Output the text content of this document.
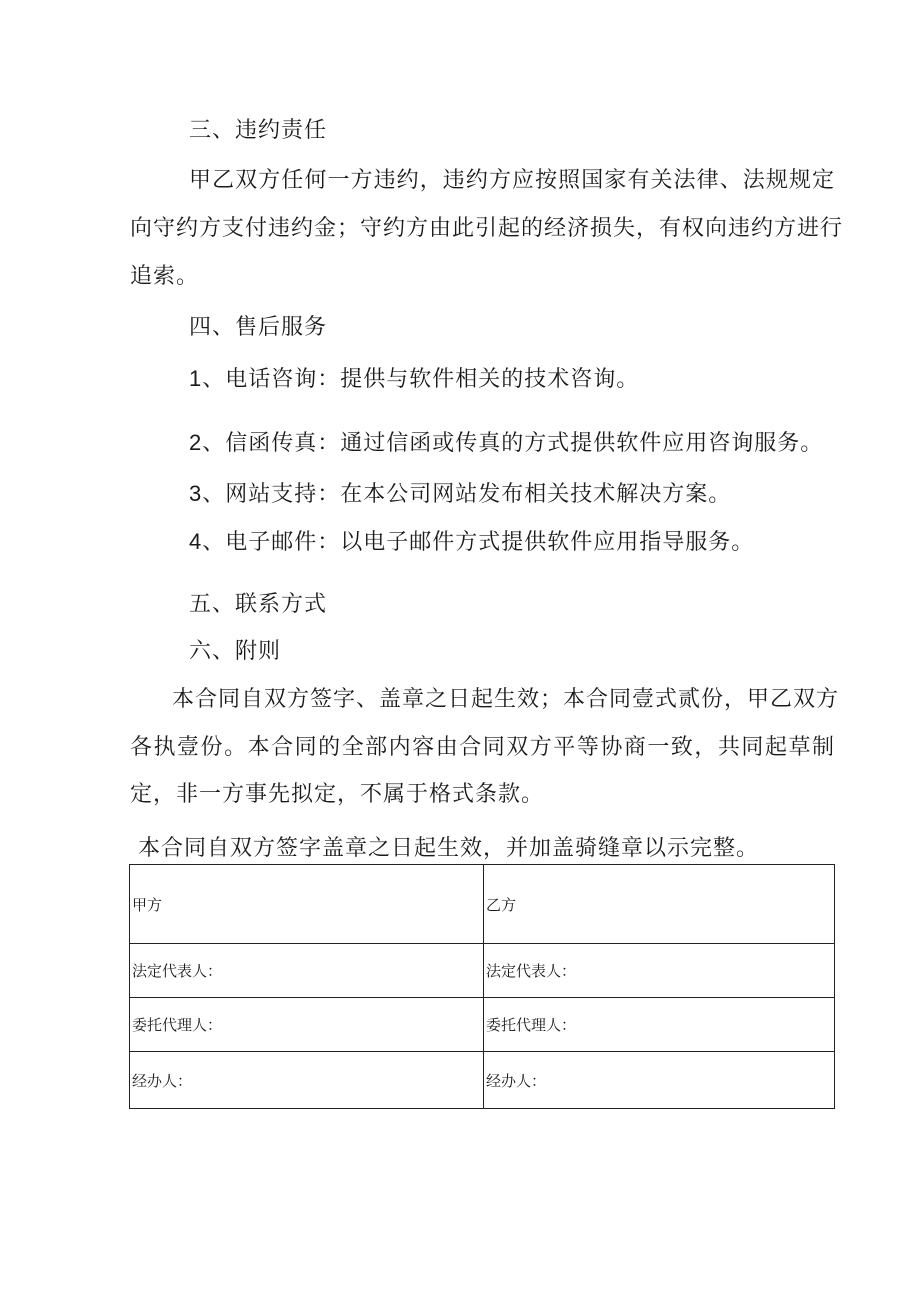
三、违约责任
甲乙双方任何一方违约，违约方应按照国家有关法律、法规规定
向守约方支付违约金；守约方由此引起的经济损失，有权向违约方进行
追索。
四、售后服务
1、电话咨询：提供与软件相关的技术咨询。
2、信函传真：通过信函或传真的方式提供软件应用咨询服务。
3、网站支持：在本公司网站发布相关技术解决方案。
4、电子邮件：以电子邮件方式提供软件应用指导服务。
五、联系方式
六、附则
本合同自双方签字、盖章之日起生效；本合同壹式贰份，甲乙双方
各执壹份。本合同的全部内容由合同双方平等协商一致，共同起草制
定，非一方事先拟定，不属于格式条款。
本合同自双方签字盖章之日起生效，并加盖骑缝章以示完整。
甲方	乙方
法定代表人：	法定代表人：
委托代理人：	委托代理人：
经办人：	经办人：
